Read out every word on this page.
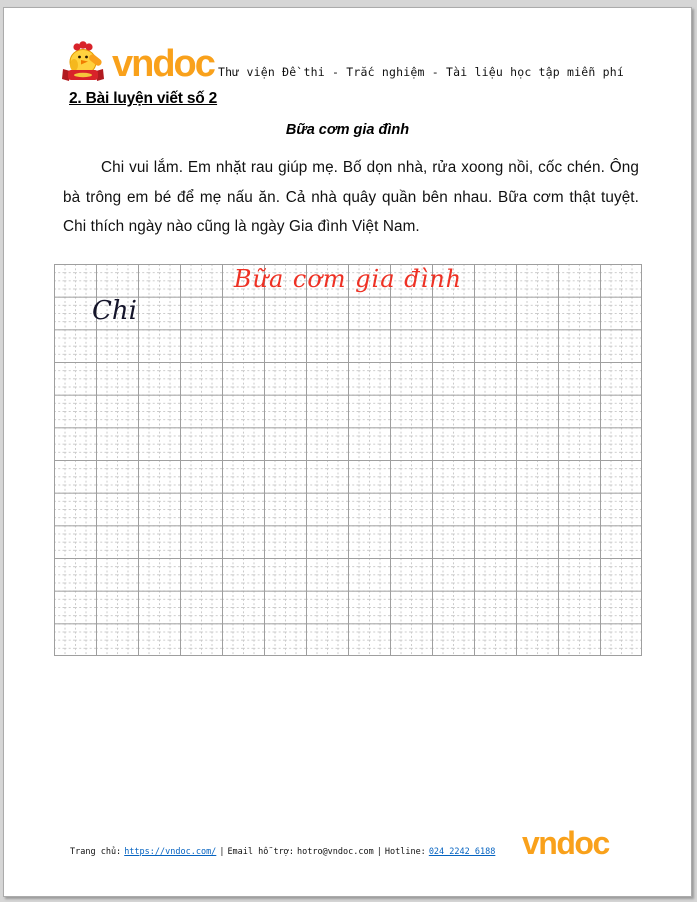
vndoc Thư viện Đề thi - Trắc nghiệm - Tài liệu học tập miễn phí
2. Bài luyện viết số 2
Bữa cơm gia đình

Chi vui lắm. Em nhặt rau giúp mẹ. Bố dọn nhà, rửa xoong nồi, cốc chén. Ông bà trông em bé để mẹ nấu ăn. Cả nhà quây quần bên nhau. Bữa cơm thật tuyệt. Chi thích ngày nào cũng là ngày Gia đình Việt Nam.

Bữa cơm gia đình
Chi
Trang chủ: https://vndoc.com/ | Email hỗ trợ: hotro@vndoc.com | Hotline: 024 2242 6188 vndoc
